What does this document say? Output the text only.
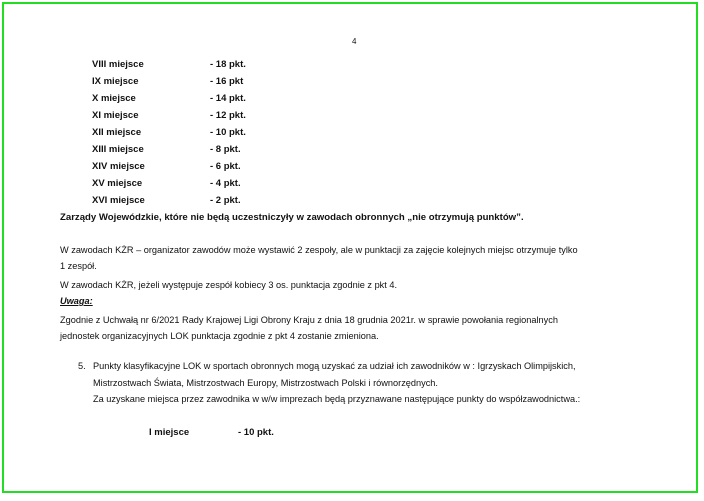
4
VIII miejsce	- 18 pkt.
IX miejsce	- 16 pkt
X miejsce	- 14 pkt.
XI miejsce	- 12 pkt.
XII miejsce	- 10 pkt.
XIII miejsce	- 8 pkt.
XIV miejsce	- 6 pkt.
XV miejsce	- 4 pkt.
XVI miejsce	- 2 pkt.
Zarządy Wojewódzkie, które nie będą uczestniczyły w zawodach obronnych „nie otrzymują punktów”.
W zawodach KŻR – organizator zawodów może wystawić 2 zespoły, ale w punktacji za zajęcie kolejnych miejsc otrzymuje tylko
1 zespół.
W zawodach KŻR, jeżeli występuje zespół kobiecy 3 os. punktacja zgodnie z pkt 4.
Uwaga:
Zgodnie z Uchwałą nr 6/2021 Rady Krajowej Ligi Obrony Kraju z dnia 18 grudnia 2021r. w sprawie powołania regionalnych
jednostek organizacyjnych LOK punktacja zgodnie z pkt 4 zostanie zmieniona.
5. Punkty klasyfikacyjne LOK w sportach obronnych mogą uzyskać za udział ich zawodników w : Igrzyskach Olimpijskich,
Mistrzostwach Świata, Mistrzostwach Europy, Mistrzostwach Polski i równorzędnych.
Za uzyskane miejsca przez zawodnika w w/w imprezach będą przyznawane następujące punkty do współzawodnictwa.:
I miejsce	- 10 pkt.
